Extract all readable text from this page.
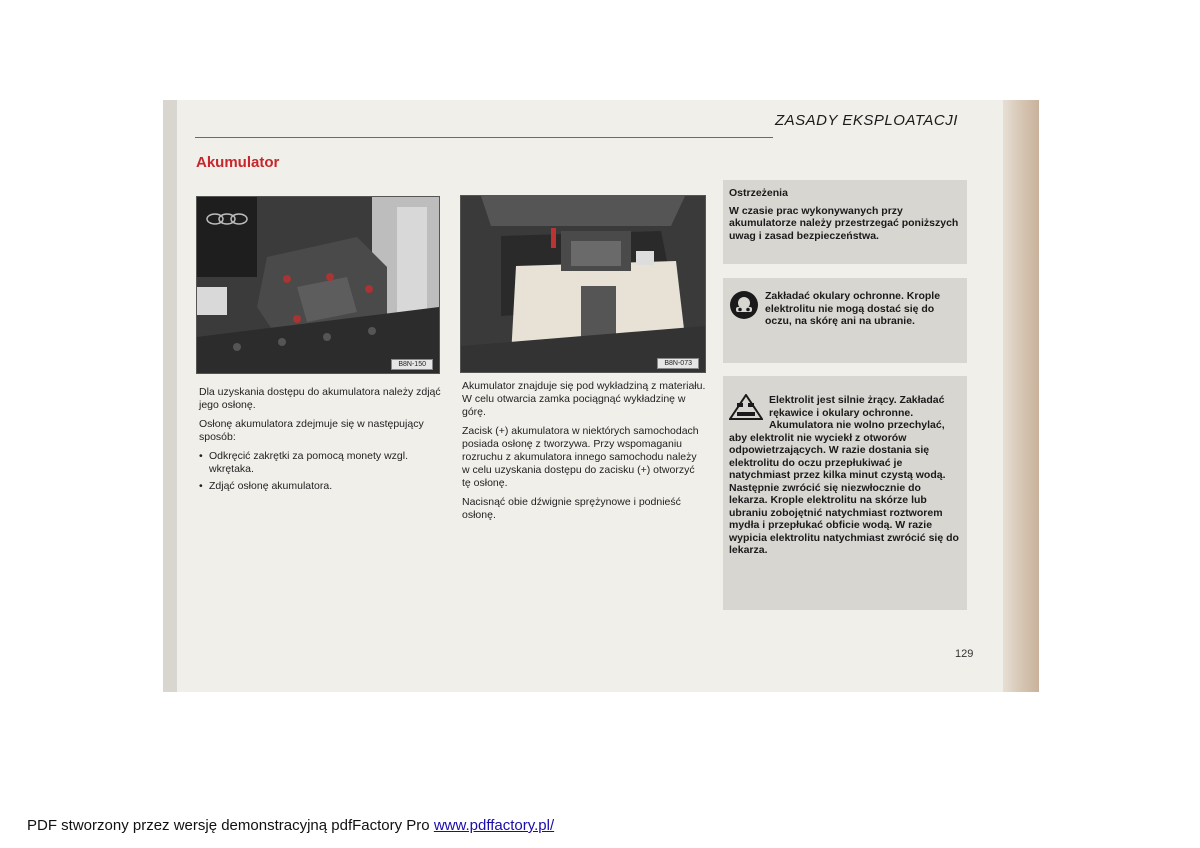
ZASADY EKSPLOATACJI
Akumulator
B8N-150	B8N-073

Dla uzyskania dostępu do akumulatora należy zdjąć jego osłonę.

Osłonę akumulatora zdejmuje się w następujący sposób:

• Odkręcić zakrętki za pomocą monety wzgl. wkrętaka.
• Zdjąć osłonę akumulatora.

Akumulator znajduje się pod wykładziną z materiału. W celu otwarcia zamka pociągnąć wykładzinę w górę.

Zacisk (+) akumulatora w niektórych samochodach posiada osłonę z tworzywa. Przy wspomaganiu rozruchu z akumulatora innego samochodu należy w celu uzyskania dostępu do zacisku (+) otworzyć tę osłonę.

Nacisnąć obie dźwignie sprężynowe i podnieść osłonę.

Ostrzeżenia

W czasie prac wykonywanych przy akumulatorze należy przestrzegać poniższych uwag i zasad bezpieczeństwa.

Zakładać okulary ochronne. Krople elektrolitu nie mogą dostać się do oczu, na skórę ani na ubranie.

Elektrolit jest silnie żrący. Zakładać rękawice i okulary ochronne. Akumulatora nie wolno przechylać, aby elektrolit nie wyciekł z otworów odpowietrzających. W razie dostania się elektrolitu do oczu przepłukiwać je natychmiast przez kilka minut czystą wodą. Następnie zwrócić się niezwłocznie do lekarza. Krople elektrolitu na skórze lub ubraniu zobojętnić natychmiast roztworem mydła i przepłukać obficie wodą. W razie wypicia elektrolitu natychmiast zwrócić się do lekarza.

129
PDF stworzony przez wersję demonstracyjną pdfFactory Pro www.pdffactory.pl/
